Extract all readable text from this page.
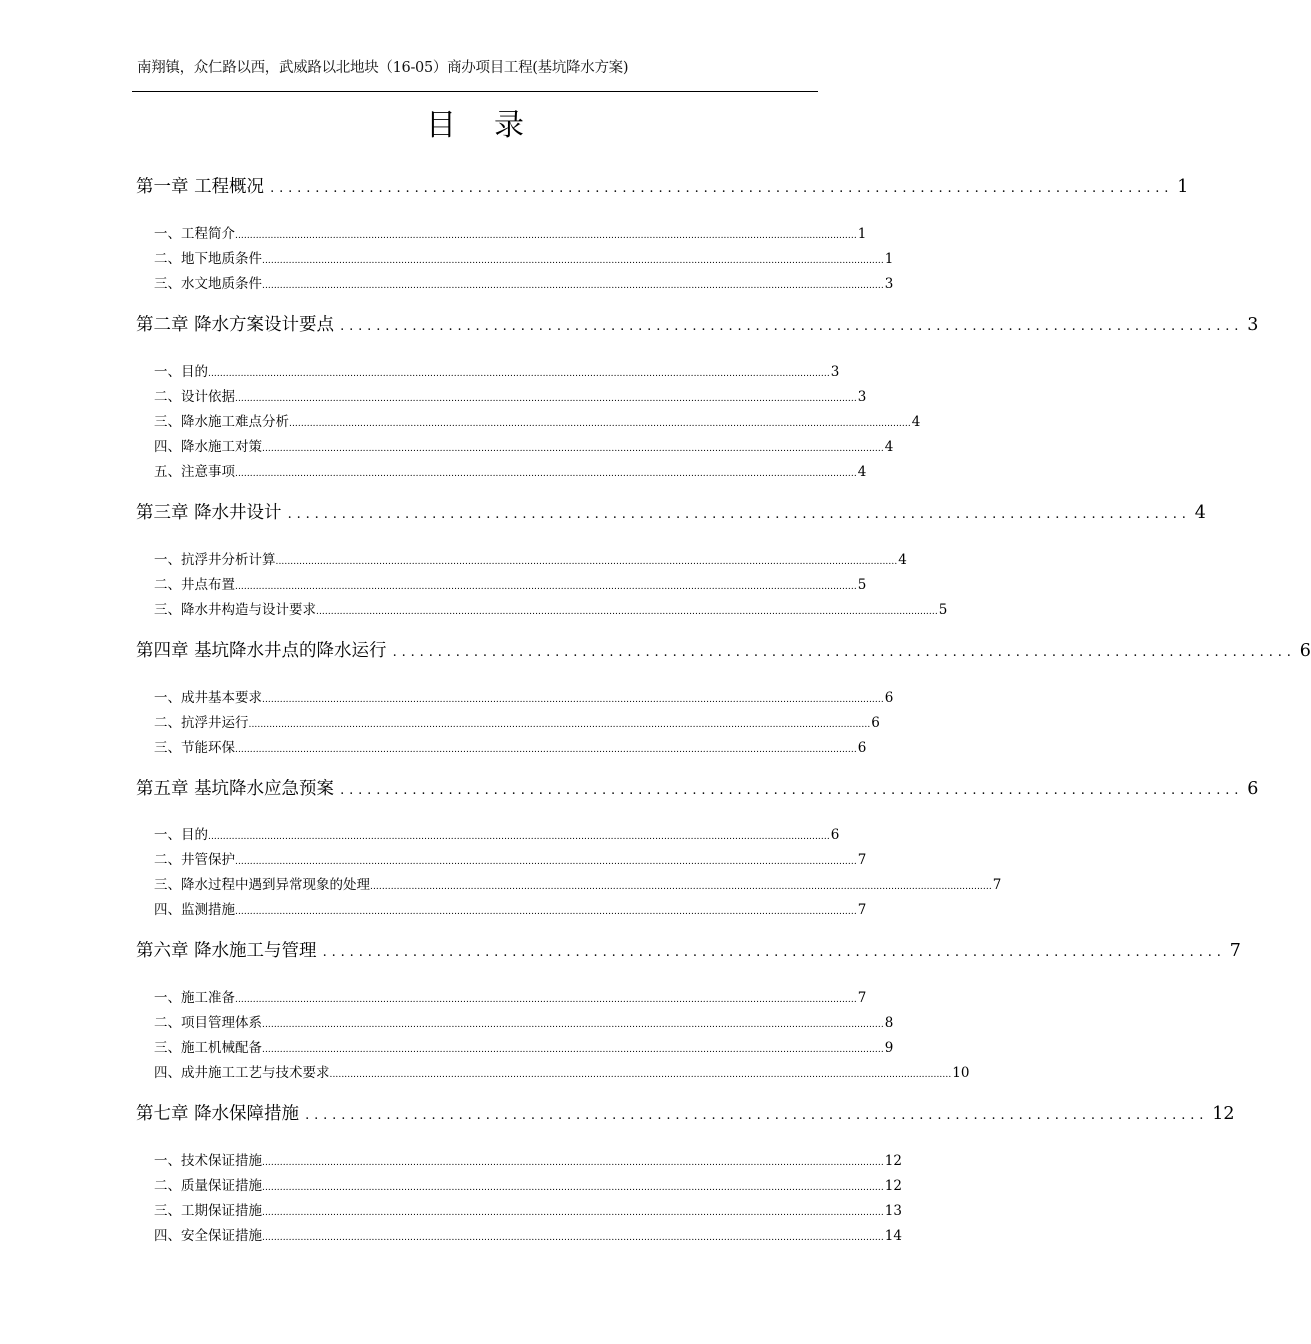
南翔镇，众仁路以西，武威路以北地块（16-05）商办项目工程(基坑降水方案)
目录
第一章 工程概况 .................................................................................................... 1
一、工程简介 .................................................................................................................................................................................................................. 1
二、地下地质条件 .................................................................................................................................................................................................................. 1
三、水文地质条件 .................................................................................................................................................................................................................. 3
第二章 降水方案设计要点 .................................................................................................... 3
一、目的 .................................................................................................................................................................................................................. 3
二、设计依据 .................................................................................................................................................................................................................. 3
三、降水施工难点分析 .................................................................................................................................................................................................................. 4
四、降水施工对策 .................................................................................................................................................................................................................. 4
五、注意事项 .................................................................................................................................................................................................................. 4
第三章 降水井设计 .................................................................................................... 4
一、抗浮井分析计算 .................................................................................................................................................................................................................. 4
二、井点布置 .................................................................................................................................................................................................................. 5
三、降水井构造与设计要求 .................................................................................................................................................................................................................. 5
第四章 基坑降水井点的降水运行 .................................................................................................... 6
一、成井基本要求 .................................................................................................................................................................................................................. 6
二、抗浮井运行 .................................................................................................................................................................................................................. 6
三、节能环保 .................................................................................................................................................................................................................. 6
第五章 基坑降水应急预案 .................................................................................................... 6
一、目的 .................................................................................................................................................................................................................. 6
二、井管保护 .................................................................................................................................................................................................................. 7
三、降水过程中遇到异常现象的处理 .................................................................................................................................................................................................................. 7
四、监测措施 .................................................................................................................................................................................................................. 7
第六章 降水施工与管理 .................................................................................................... 7
一、施工准备 .................................................................................................................................................................................................................. 7
二、项目管理体系 .................................................................................................................................................................................................................. 8
三、施工机械配备 .................................................................................................................................................................................................................. 9
四、成井施工工艺与技术要求 .................................................................................................................................................................................................................. 10
第七章 降水保障措施 .................................................................................................... 12
一、技术保证措施 .................................................................................................................................................................................................................. 12
二、质量保证措施 .................................................................................................................................................................................................................. 12
三、工期保证措施 .................................................................................................................................................................................................................. 13
四、安全保证措施 .................................................................................................................................................................................................................. 14
